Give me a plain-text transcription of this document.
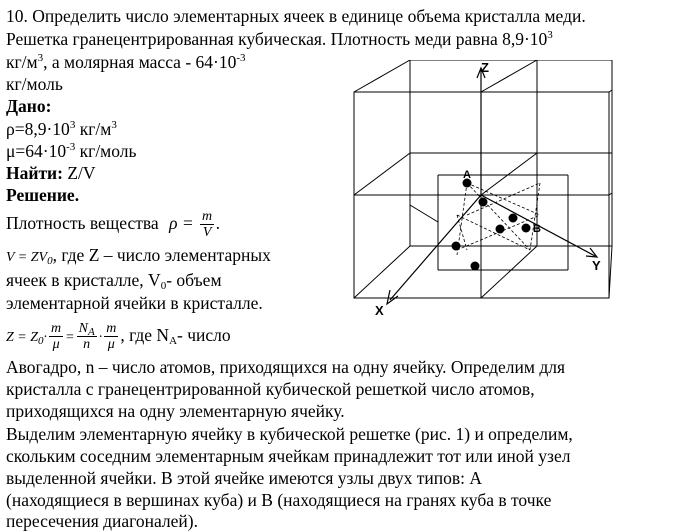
10. Определить число элементарных ячеек в единице объема кристалла меди.
Решетка гранецентрированная кубическая. Плотность меди равна $8,9\cdot 10^3$
$кг/м^3$, а молярная масса - $64\cdot 10^{-3}$
кг/моль
Дано:
$\rho=8,9\cdot 10^3$ $кг/м^3$
$\mu=64\cdot 10^{-3}$ кг/моль
Найти: Z/V
Решение.
Плотность вещества $\rho = \frac{m}{V}$ .
$V = ZV_0$, где Z – число элементарных
ячеек в кристалле, $V_0-$ объем
элементарной ячейки в кристалле.
$Z = Z_0\cdot \frac{m}{\mu} = \frac{N_A}{n} \cdot \frac{m}{\mu}$ , где $N_A-$ число
Авогадро, n – число атомов, приходящихся на одну ячейку. Определим для
кристалла с гранецентрированной кубической решеткой число атомов,
приходящихся на одну элементарную ячейку.
Выделим элементарную ячейку в кубической решетке (рис. 1) и определим,
скольким соседним элементарным ячейкам принадлежит тот или иной узел
выделенной ячейки. В этой ячейке имеются узлы двух типов: А
(находящиеся в вершинах куба) и В (находящиеся на гранях куба в точке
пересечения диагоналей).
Z
Y
X
A
B
